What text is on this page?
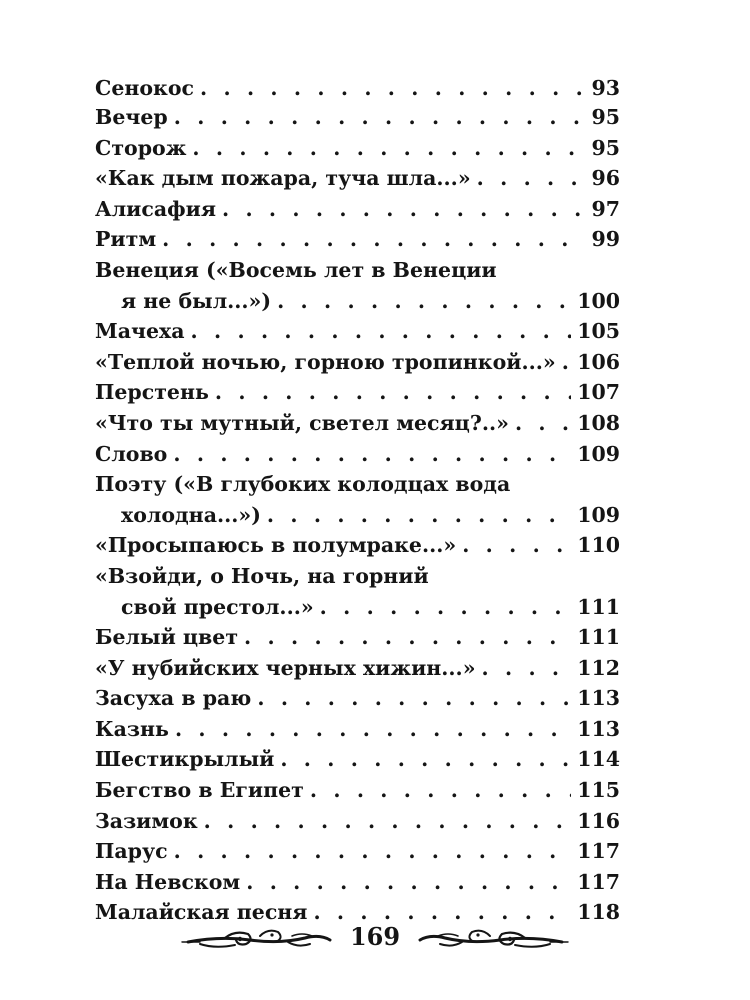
Сенокос . . .	93
Вечер . . .	95
Сторож . . .	95
«Как дым пожара, туча шла...» . . .	96
Алисафия . . .	97
Ритм . . .	99
Венеция («Восемь лет в Венеции
я не был...») . . .	100
Мачеха . . .	105
«Теплой ночью, горною тропинкой...» . . . 106
Перстень . . .	107
«Что ты мутный, светел месяц?..» . . .	108
Слово . . .	109
Поэту («В глубоких колодцах вода
холодна...») . . .	109
«Просыпаюсь в полумраке...» . . .	110
«Взойди, о Ночь, на горний
свой престол...» . . .	111
Белый цвет . . .	111
«У нубийских черных хижин...» . . .	112
Засуха в раю . . .	113
Казнь . . .	113
Шестикрылый . . .	114
Бегство в Египет . . .	115
Зазимок . . .	116
Парус . . .	117
На Невском . . .	117
Малайская песня . . .	118
169
